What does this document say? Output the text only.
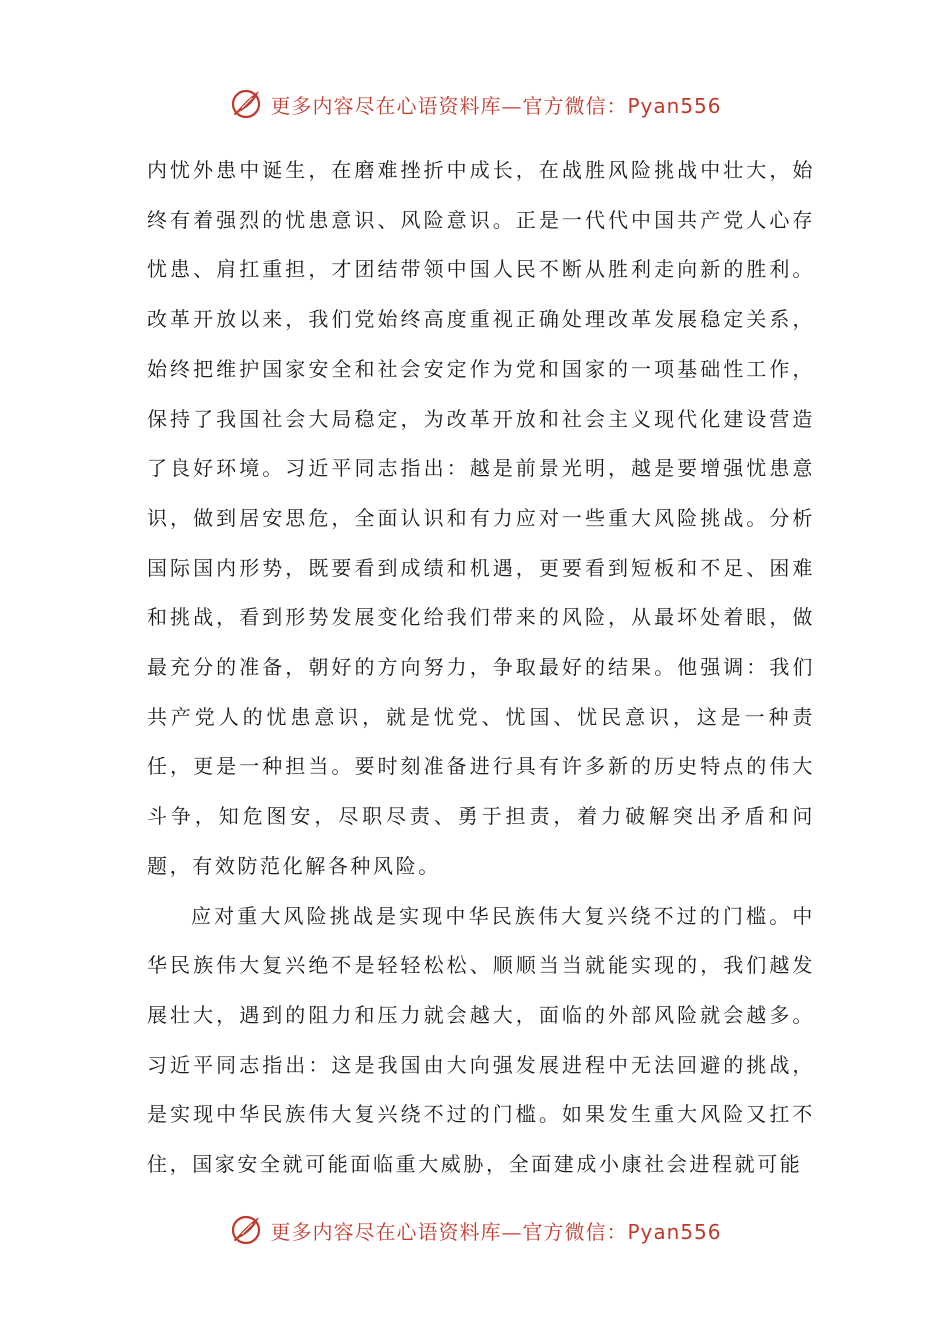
更多内容尽在心语资料库—官方微信：Pyan556

内忧外患中诞生，在磨难挫折中成长，在战胜风险挑战中壮大，始终有着强烈的忧患意识、风险意识。正是一代代中国共产党人心存忧患、肩扛重担，才团结带领中国人民不断从胜利走向新的胜利。改革开放以来，我们党始终高度重视正确处理改革发展稳定关系，始终把维护国家安全和社会安定作为党和国家的一项基础性工作，保持了我国社会大局稳定，为改革开放和社会主义现代化建设营造了良好环境。习近平同志指出：越是前景光明，越是要增强忧患意识，做到居安思危，全面认识和有力应对一些重大风险挑战。分析国际国内形势，既要看到成绩和机遇，更要看到短板和不足、困难和挑战，看到形势发展变化给我们带来的风险，从最坏处着眼，做最充分的准备，朝好的方向努力，争取最好的结果。他强调：我们共产党人的忧患意识，就是忧党、忧国、忧民意识，这是一种责任，更是一种担当。要时刻准备进行具有许多新的历史特点的伟大斗争，知危图安，尽职尽责、勇于担责，着力破解突出矛盾和问题，有效防范化解各种风险。

应对重大风险挑战是实现中华民族伟大复兴绕不过的门槛。中华民族伟大复兴绝不是轻轻松松、顺顺当当就能实现的，我们越发展壮大，遇到的阻力和压力就会越大，面临的外部风险就会越多。习近平同志指出：这是我国由大向强发展进程中无法回避的挑战，是实现中华民族伟大复兴绕不过的门槛。如果发生重大风险又扛不住，国家安全就可能面临重大威胁，全面建成小康社会进程就可能

更多内容尽在心语资料库—官方微信：Pyan556
